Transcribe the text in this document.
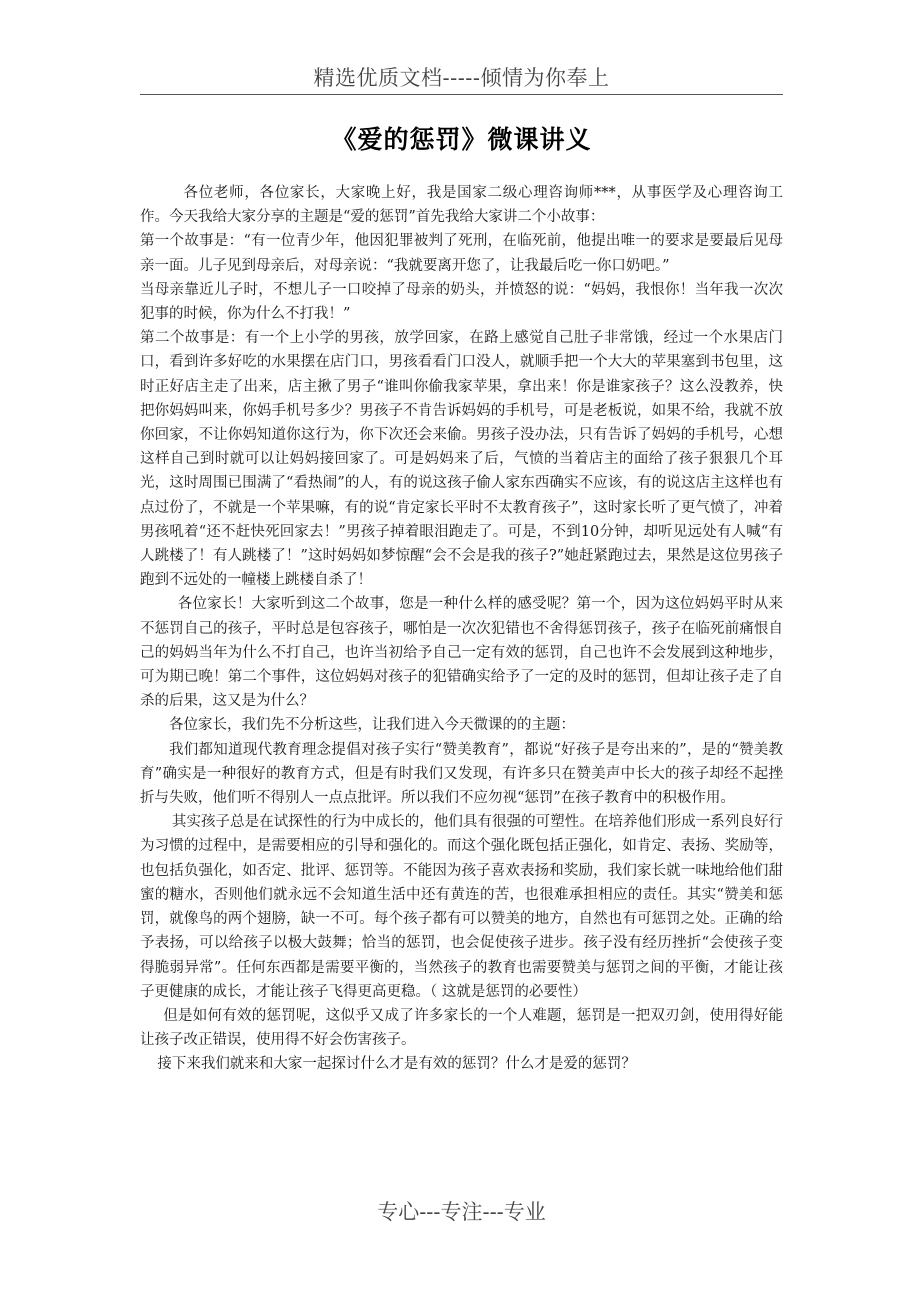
精选优质文档-----倾情为你奉上
《爱的惩罚》微课讲义

各位老师，各位家长，大家晚上好，我是国家二级心理咨询师***，从事医学及心理咨询工作。今天我给大家分享的主题是“爱的惩罚”首先我给大家讲二个小故事：

第一个故事是：“有一位青少年，他因犯罪被判了死刑，在临死前，他提出唯一的要求是要最后见母亲一面。儿子见到母亲后，对母亲说：“我就要离开您了，让我最后吃一你口奶吧。”

当母亲靠近儿子时，不想儿子一口咬掉了母亲的奶头，并愤怒的说：“妈妈，我恨你！当年我一次次犯事的时候，你为什么不打我！”

第二个故事是：有一个上小学的男孩，放学回家，在路上感觉自己肚子非常饿，经过一个水果店门口，看到许多好吃的水果摆在店门口，男孩看看门口没人，就顺手把一个大大的苹果塞到书包里，这时正好店主走了出来，店主揪了男子“谁叫你偷我家苹果，拿出来！你是谁家孩子？这么没教养，快把你妈妈叫来，你妈手机号多少？男孩子不肯告诉妈妈的手机号，可是老板说，如果不给，我就不放你回家，不让你妈知道你这行为，你下次还会来偷。男孩子没办法，只有告诉了妈妈的手机号，心想这样自己到时就可以让妈妈接回家了。可是妈妈来了后，气愤的当着店主的面给了孩子狠狠几个耳光，这时周围已围满了“看热闹”的人，有的说这孩子偷人家东西确实不应该，有的说这店主这样也有点过份了，不就是一个苹果嘛，有的说“肯定家长平时不太教育孩子”，这时家长听了更气愤了，冲着男孩吼着“还不赶快死回家去！”男孩子掉着眼泪跑走了。可是，不到10分钟，却听见远处有人喊“有人跳楼了！有人跳楼了！”这时妈妈如梦惊醒“会不会是我的孩子?”她赶紧跑过去，果然是这位男孩子跑到不远处的一幢楼上跳楼自杀了！

各位家长！大家听到这二个故事，您是一种什么样的感受呢？第一个，因为这位妈妈平时从来不惩罚自己的孩子，平时总是包容孩子，哪怕是一次次犯错也不舍得惩罚孩子，孩子在临死前痛恨自己的妈妈当年为什么不打自己，也许当初给予自己一定有效的惩罚，自己也许不会发展到这种地步，可为期已晚！第二个事件，这位妈妈对孩子的犯错确实给予了一定的及时的惩罚，但却让孩子走了自杀的后果，这又是为什么？

各位家长，我们先不分析这些，让我们进入今天微课的的主题：

我们都知道现代教育理念提倡对孩子实行“赞美教育”，都说“好孩子是夸出来的”，是的“赞美教育”确实是一种很好的教育方式，但是有时我们又发现，有许多只在赞美声中长大的孩子却经不起挫折与失败，他们听不得别人一点点批评。所以我们不应勿视“惩罚”在孩子教育中的积极作用。

其实孩子总是在试探性的行为中成长的，他们具有很强的可塑性。在培养他们形成一系列良好行为习惯的过程中，是需要相应的引导和强化的。而这个强化既包括正强化，如肯定、表扬、奖励等，也包括负强化，如否定、批评、惩罚等。不能因为孩子喜欢表扬和奖励，我们家长就一味地给他们甜蜜的糖水，否则他们就永远不会知道生活中还有黄连的苦，也很难承担相应的责任。其实“赞美和惩罚，就像鸟的两个翅膀，缺一不可。每个孩子都有可以赞美的地方，自然也有可惩罚之处。正确的给予表扬，可以给孩子以极大鼓舞；恰当的惩罚，也会促使孩子进步。孩子没有经历挫折“会使孩子变得脆弱异常”。任何东西都是需要平衡的，当然孩子的教育也需要赞美与惩罚之间的平衡，才能让孩子更健康的成长，才能让孩子飞得更高更稳。（ 这就是惩罚的必要性）

但是如何有效的惩罚呢，这似乎又成了许多家长的一个人难题，惩罚是一把双刃剑，使用得好能让孩子改正错误，使用得不好会伤害孩子。

接下来我们就来和大家一起探讨什么才是有效的惩罚？什么才是爱的惩罚？

专心---专注---专业
